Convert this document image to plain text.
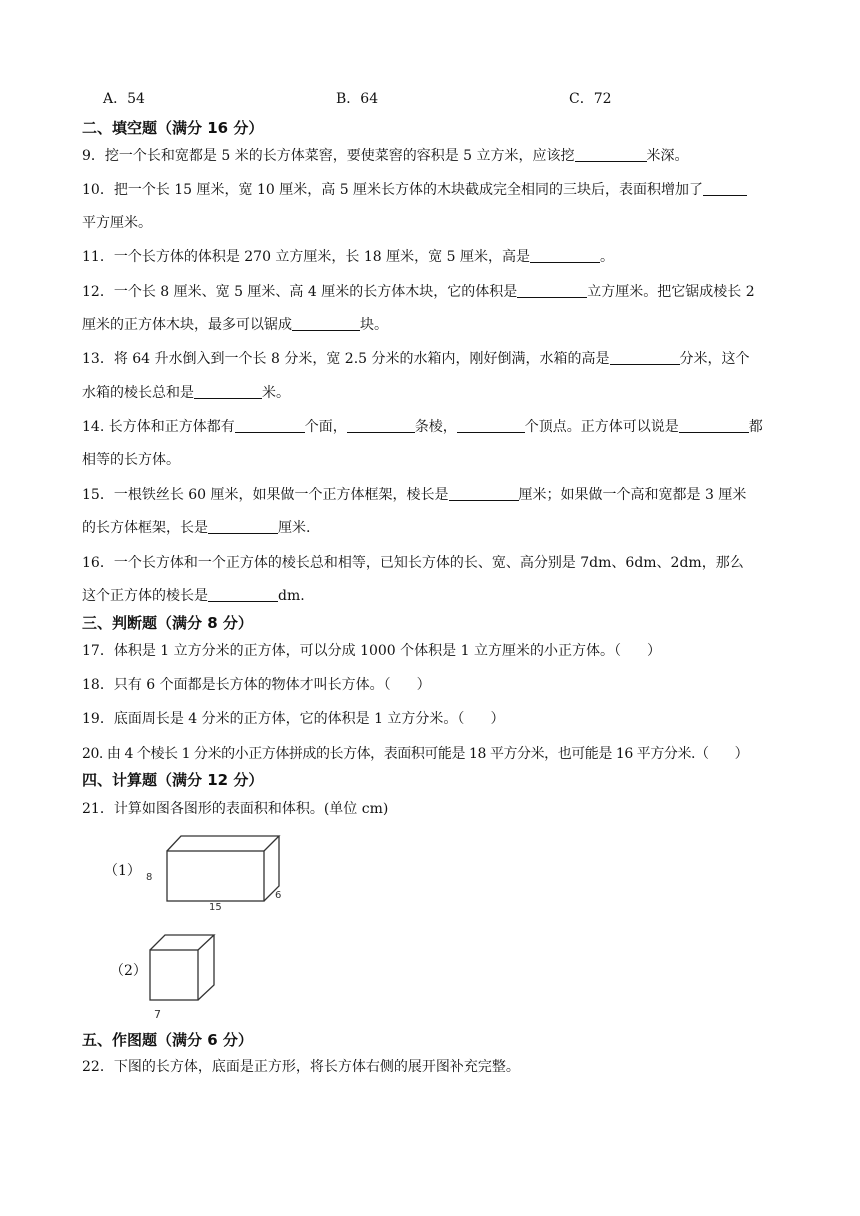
A．54	B．64	C．72
二、填空题（满分 16 分）
9．挖一个长和宽都是 5 米的长方体菜窖，要使菜窖的容积是 5 立方米，应该挖	米深。
10．把一个长 15 厘米，宽 10 厘米，高 5 厘米长方体的木块截成完全相同的三块后，表面积增加了
平方厘米。
11．一个长方体的体积是 270 立方厘米，长 18 厘米，宽 5 厘米，高是	。
12．一个长 8 厘米、宽 5 厘米、高 4 厘米的长方体木块，它的体积是	立方厘米。把它锯成棱长 2
厘米的正方体木块，最多可以锯成	块。
13．将 64 升水倒入到一个长 8 分米，宽 2.5 分米的水箱内，刚好倒满，水箱的高是	分米，这个
水箱的棱长总和是	米。
14. 长方体和正方体都有	个面，	条棱，	个顶点。正方体可以说是	都
相等的长方体。
15．一根铁丝长 60 厘米，如果做一个正方体框架，棱长是	厘米；如果做一个高和宽都是 3 厘米
的长方体框架，长是	厘米.
16．一个长方体和一个正方体的棱长总和相等，已知长方体的长、宽、高分别是 7dm、6dm、2dm，那么
这个正方体的棱长是	dm.
三、判断题（满分 8 分）
17．体积是 1 立方分米的正方体，可以分成 1000 个体积是 1 立方厘米的小正方体。（ ）
18．只有 6 个面都是长方体的物体才叫长方体。（ ）
19．底面周长是 4 分米的正方体，它的体积是 1 立方分米。（ ）
20. 由 4 个棱长 1 分米的小正方体拼成的长方体，表面积可能是 18 平方分米，也可能是 16 平方分米.（ ）
四、计算题（满分 12 分）
21．计算如图各图形的表面积和体积。(单位 cm)
（1） 8
15
6
（2）
7
五、作图题（满分 6 分）
22．下图的长方体，底面是正方形，将长方体右侧的展开图补充完整。
